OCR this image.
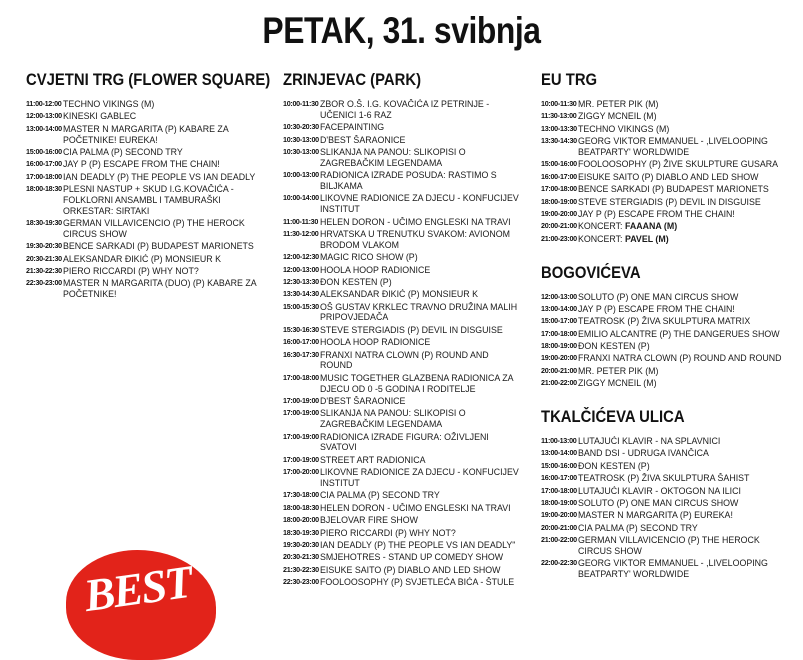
PETAK, 31. svibnja
CVJETNI TRG (FLOWER SQUARE)
11:00-12:00 TECHNO VIKINGS (M)
12:00-13:00 KINESKI GABLEC
13:00-14:00 MASTER N MARGARITA (P) KABARE ZA POČETNIKE! EUREKA!
15:00-16:00 CIA PALMA (P) SECOND TRY
16:00-17:00 JAY P (P) ESCAPE FROM THE CHAIN!
17:00-18:00 IAN DEADLY (P) THE PEOPLE VS IAN DEADLY
18:00-18:30 PLESNI NASTUP + SKUD I.G.KOVAČIĆA - FOLKLORNI ANSAMBL I TAMBURAŠKI ORKESTAR: SIRTAKI
18:30-19:30 GERMAN VILLAVICENCIO (P) THE HEROCK CIRCUS SHOW
19:30-20:30 BENCE SARKADI (P) BUDAPEST MARIONETS
20:30-21:30 ALEKSANDAR ĐIKIĆ (P) MONSIEUR K
21:30-22:30 PIERO RICCARDI (P) WHY NOT?
22:30-23:00 MASTER N MARGARITA (DUO) (P) KABARE ZA POČETNIKE!
ZRINJEVAC (PARK)
10:00-11:30 ZBOR O.Š. I.G. KOVAČIĆA IZ PETRINJE - UČENICI 1-6 RAZ
10:30-20:30 FACEPAINTING
10:30-13:00 D'BEST ŠARAONICE
10:30-13:00 SLIKANJA NA PANOU: SLIKOPISI O ZAGREBAČKIM LEGENDAMA
10:00-13:00 RADIONICA IZRADE POSUDA: RASTIMO S BILJKAMA
10:00-14:00 LIKOVNE RADIONICE ZA DJECU - KONFUCIJEV INSTITUT
11:00-11:30 HELEN DORON - UČIMO ENGLESKI NA TRAVI
11:30-12:00 HRVATSKA U TRENUTKU SVAKOM: AVIONOM BRODOM VLAKOM
12:00-12:30 MAGIC RICO SHOW (P)
12:00-13:00 HOOLA HOOP RADIONICE
12:30-13:30 ĐON KESTEN (P)
13:30-14:30 ALEKSANDAR ĐIKIĆ (P) MONSIEUR K
15:00-15:30 OŠ GUSTAV KRKLEC TRAVNO DRUŽINA MALIH PRIPOVJEDAČA
15:30-16:30 STEVE STERGIADIS (P) DEVIL IN DISGUISE
16:00-17:00 HOOLA HOOP RADIONICE
16:30-17:30 FRANXI NATRA CLOWN (P) ROUND AND ROUND
17:00-18:00 MUSIC TOGETHER GLAZBENA RADIONICA ZA DJECU OD 0 -5 GODINA I RODITELJE
17:00-19:00 D'BEST ŠARAONICE
17:00-19:00 SLIKANJA NA PANOU: SLIKOPISI O ZAGREBAČKIM LEGENDAMA
17:00-19:00 RADIONICA IZRADE FIGURA: OŽIVLJENI SVATOVI
17:00-19:00 STREET ART RADIONICA
17:00-20:00 LIKOVNE RADIONICE ZA DJECU - KONFUCIJEV INSTITUT
17:30-18:00 CIA PALMA (P) SECOND TRY
18:00-18:30 HELEN DORON - UČIMO ENGLESKI NA TRAVI
18:00-20:00 BJELOVAR FIRE SHOW
18:30-19:30 PIERO RICCARDI (P) WHY NOT?
19:30-20:30 IAN DEADLY (P) THE PEOPLE VS IAN DEADLY"
20:30-21:30 SMJEHOTRES - STAND UP COMEDY SHOW
21:30-22:30 EISUKE SAITO (P) DIABLO AND LED SHOW
22:30-23:00 FOOLOOSOPHY (P) SVJETLEĆA BIĆA - ŠTULE
EU TRG
10:00-11:30 MR. PETER PIK (M)
11:30-13:00 ZIGGY MCNEIL (M)
13:00-13:30 TECHNO VIKINGS (M)
13:30-14:30 GEORG VIKTOR EMMANUEL - ,LIVELOOPING BEATPARTY' WORLDWIDE
15:00-16:00 FOOLOOSOPHY (P) ŽIVE SKULPTURE GUSARA
16:00-17:00 EISUKE SAITO (P) DIABLO AND LED SHOW
17:00-18:00 BENCE SARKADI (P) BUDAPEST MARIONETS
18:00-19:00 STEVE STERGIADIS (P) DEVIL IN DISGUISE
19:00-20:00 JAY P (P) ESCAPE FROM THE CHAIN!
20:00-21:00 KONCERT: FAAANA (M)
21:00-23:00 KONCERT: PAVEL (M)
BOGOVIĆEVA
12:00-13:00 SOLUTO (P) ONE MAN CIRCUS SHOW
13:00-14:00 JAY P (P) ESCAPE FROM THE CHAIN!
15:00-17:00 TEATROSK (P) ŽIVA SKULPTURA MATRIX
17:00-18:00 EMILIO ALCANTRE (P) THE DANGERUES SHOW
18:00-19:00 ĐON KESTEN (P)
19:00-20:00 FRANXI NATRA CLOWN (P) ROUND AND ROUND
20:00-21:00 MR. PETER PIK (M)
21:00-22:00 ZIGGY MCNEIL (M)
TKALČIĆEVA ULICA
11:00-13:00 LUTAJUĆI KLAVIR - NA SPLAVNICI
13:00-14:00 BAND DSI - UDRUGA IVANČICA
15:00-16:00 ĐON KESTEN (P)
16:00-17:00 TEATROSK (P) ŽIVA SKULPTURA ŠAHIST
17:00-18:00 LUTAJUĆI KLAVIR - OKTOGON NA ILICI
18:00-19:00 SOLUTO (P) ONE MAN CIRCUS SHOW
19:00-20:00 MASTER N MARGARITA (P) EUREKA!
20:00-21:00 CIA PALMA (P) SECOND TRY
21:00-22:00 GERMAN VILLAVICENCIO (P) THE HEROCK CIRCUS SHOW
22:00-22:30 GEORG VIKTOR EMMANUEL - ,LIVELOOPING BEATPARTY' WORLDWIDE
BEST
